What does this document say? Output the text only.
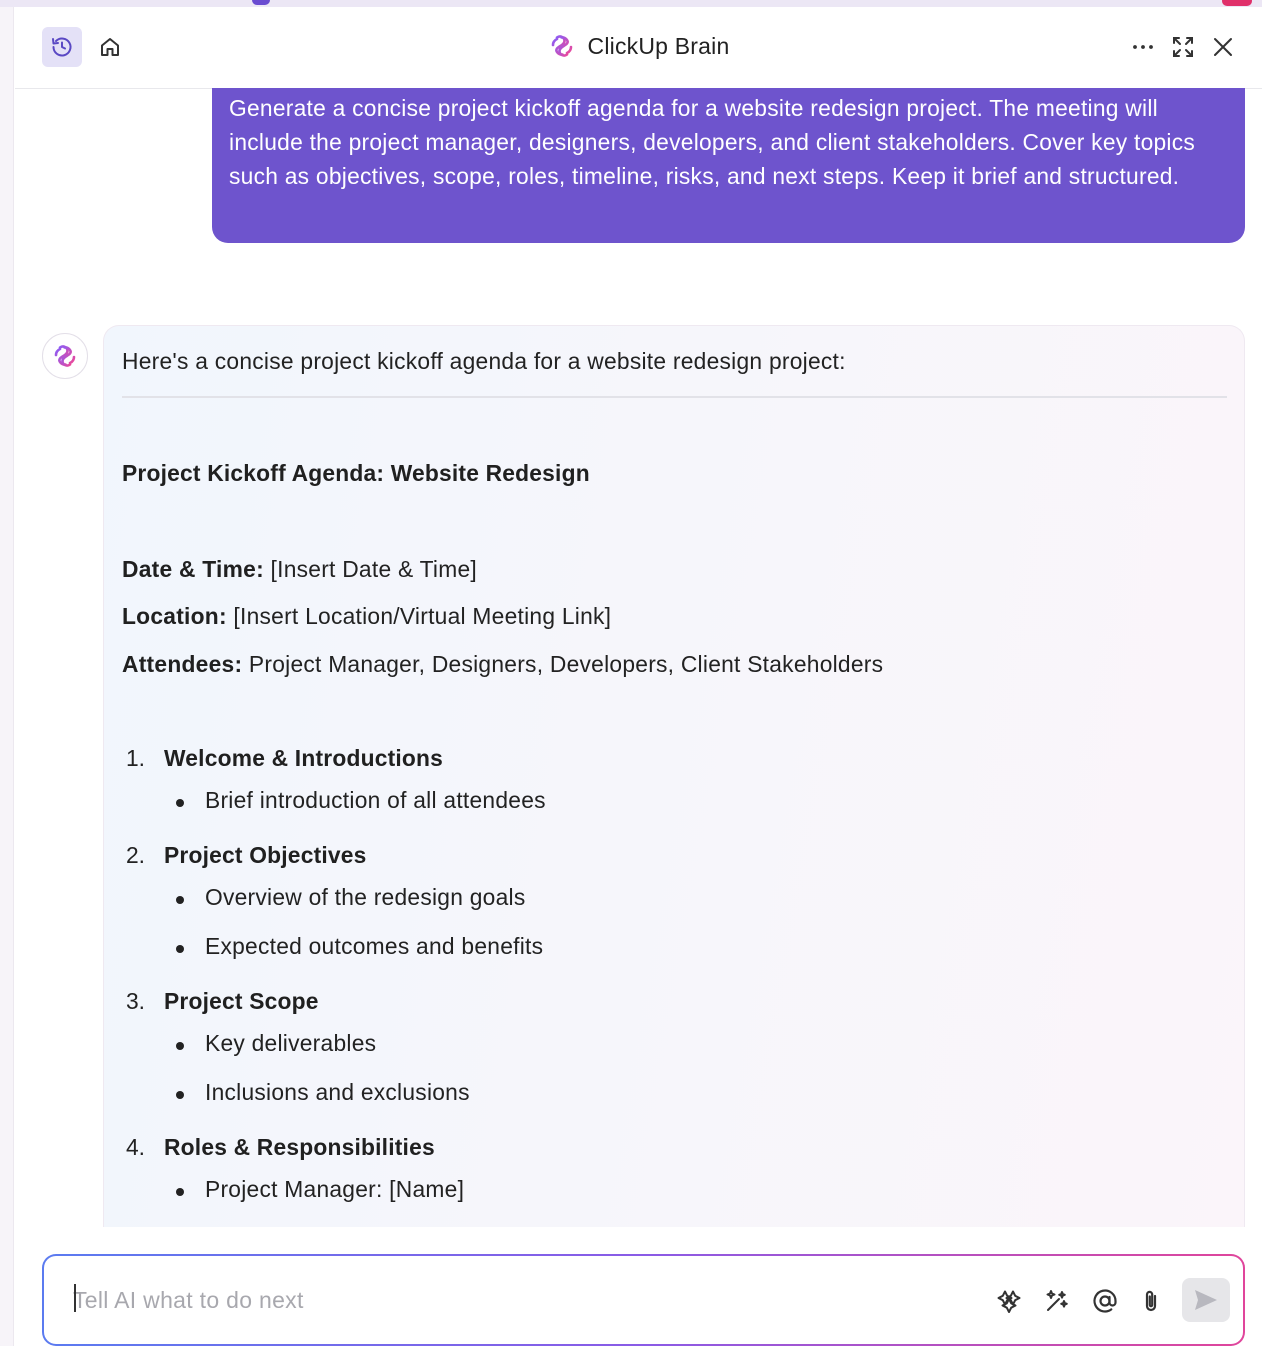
ClickUp Brain
Generate a concise project kickoff agenda for a website redesign project. The meeting will include the project manager, designers, developers, and client stakeholders. Cover key topics such as objectives, scope, roles, timeline, risks, and next steps. Keep it brief and structured.
Here's a concise project kickoff agenda for a website redesign project:
Project Kickoff Agenda: Website Redesign
Date & Time: [Insert Date & Time]
Location: [Insert Location/Virtual Meeting Link]
Attendees: Project Manager, Designers, Developers, Client Stakeholders
1. Welcome & Introductions
Brief introduction of all attendees
2. Project Objectives
Overview of the redesign goals
Expected outcomes and benefits
3. Project Scope
Key deliverables
Inclusions and exclusions
4. Roles & Responsibilities
Project Manager: [Name]
Tell AI what to do next
